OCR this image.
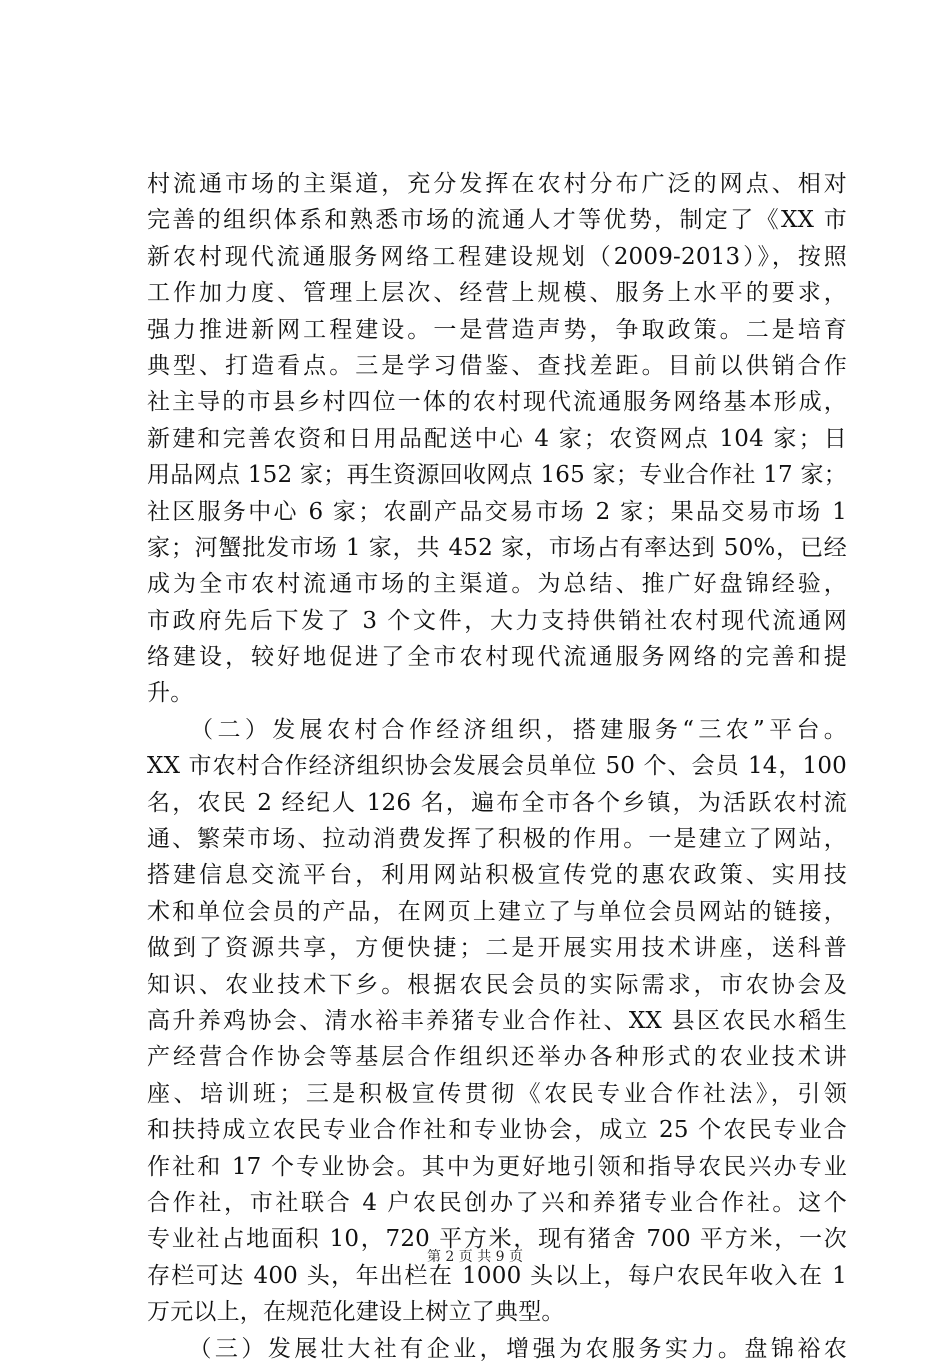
村流通市场的主渠道，充分发挥在农村分布广泛的网点、相对
完善的组织体系和熟悉市场的流通人才等优势，制定了《XX 市
新农村现代流通服务网络工程建设规划（2009-2013）》，按照
工作加力度、管理上层次、经营上规模、服务上水平的要求，
强力推进新网工程建设。一是营造声势，争取政策。二是培育
典型、打造看点。三是学习借鉴、查找差距。目前以供销合作
社主导的市县乡村四位一体的农村现代流通服务网络基本形成，
新建和完善农资和日用品配送中心 4 家；农资网点 104 家；日
用品网点 152 家；再生资源回收网点 165 家；专业合作社 17 家；
社区服务中心 6 家；农副产品交易市场 2 家；果品交易市场 1
家；河蟹批发市场 1 家，共 452 家，市场占有率达到 50%，已经
成为全市农村流通市场的主渠道。为总结、推广好盘锦经验，
市政府先后下发了 3 个文件，大力支持供销社农村现代流通网
络建设，较好地促进了全市农村现代流通服务网络的完善和提
升。
　　（二）发展农村合作经济组织，搭建服务“三农”平台。
XX 市农村合作经济组织协会发展会员单位 50 个、会员 14，100
名，农民 2 经纪人 126 名，遍布全市各个乡镇，为活跃农村流
通、繁荣市场、拉动消费发挥了积极的作用。一是建立了网站，
搭建信息交流平台，利用网站积极宣传党的惠农政策、实用技
术和单位会员的产品，在网页上建立了与单位会员网站的链接，
做到了资源共享，方便快捷；二是开展实用技术讲座，送科普
知识、农业技术下乡。根据农民会员的实际需求，市农协会及
高升养鸡协会、清水裕丰养猪专业合作社、XX 县区农民水稻生
产经营合作协会等基层合作组织还举办各种形式的农业技术讲
座、培训班；三是积极宣传贯彻《农民专业合作社法》，引领
和扶持成立农民专业合作社和专业协会，成立 25 个农民专业合
作社和 17 个专业协会。其中为更好地引领和指导农民兴办专业
合作社，市社联合 4 户农民创办了兴和养猪专业合作社。这个
专业社占地面积 10，720 平方米，现有猪舍 700 平方米，一次
存栏可达 400 头，年出栏在 1000 头以上，每户农民年收入在 1
万元以上，在规范化建设上树立了典型。
　　（三）发展壮大社有企业，增强为农服务实力。盘锦裕农
第 2 页 共 9 页
